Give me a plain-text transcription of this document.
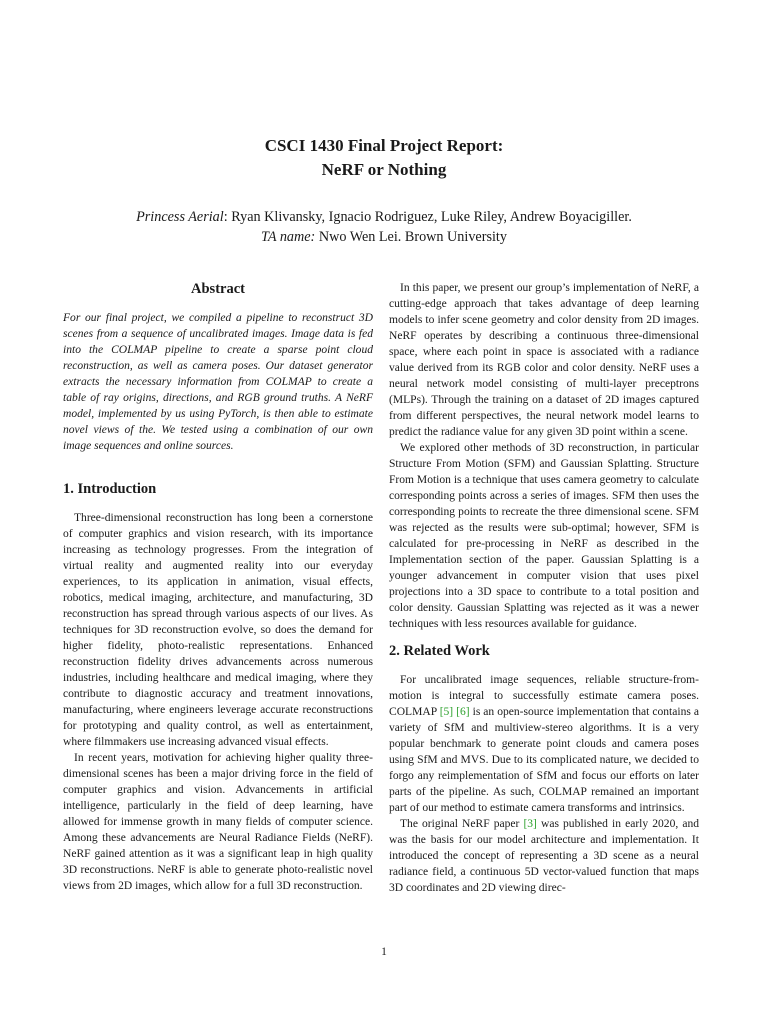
CSCI 1430 Final Project Report:
NeRF or Nothing
Princess Aerial: Ryan Klivansky, Ignacio Rodriguez, Luke Riley, Andrew Boyacigiller.
TA name: Nwo Wen Lei. Brown University
Abstract

For our final project, we compiled a pipeline to reconstruct 3D scenes from a sequence of uncalibrated images. Image data is fed into the COLMAP pipeline to create a sparse point cloud reconstruction, as well as camera poses. Our dataset generator extracts the necessary information from COLMAP to create a table of ray origins, directions, and RGB ground truths. A NeRF model, implemented by us using PyTorch, is then able to estimate novel views of the. We tested using a combination of our own image sequences and online sources.

1. Introduction

Three-dimensional reconstruction has long been a cornerstone of computer graphics and vision research, with its importance increasing as technology progresses. From the integration of virtual reality and augmented reality into our everyday experiences, to its application in animation, visual effects, robotics, medical imaging, architecture, and manufacturing, 3D reconstruction has spread through various aspects of our lives. As techniques for 3D reconstruction evolve, so does the demand for higher fidelity, photo-realistic representations. Enhanced reconstruction fidelity drives advancements across numerous industries, including healthcare and medical imaging, where they contribute to diagnostic accuracy and treatment innovations, manufacturing, where engineers leverage accurate reconstructions for prototyping and quality control, as well as entertainment, where filmmakers use increasing advanced visual effects.

In recent years, motivation for achieving higher quality three-dimensional scenes has been a major driving force in the field of computer graphics and vision. Advancements in artificial intelligence, particularly in the field of deep learning, have allowed for immense growth in many fields of computer science. Among these advancements are Neural Radiance Fields (NeRF). NeRF gained attention as it was a significant leap in high quality 3D reconstructions. NeRF is able to generate photo-realistic novel views from 2D images, which allow for a full 3D reconstruction.

In this paper, we present our group’s implementation of NeRF, a cutting-edge approach that takes advantage of deep learning models to infer scene geometry and color density from 2D images. NeRF operates by describing a continuous three-dimensional space, where each point in space is associated with a radiance value derived from its RGB color and color density. NeRF uses a neural network model consisting of multi-layer preceptrons (MLPs). Through the training on a dataset of 2D images captured from different perspectives, the neural network model learns to predict the radiance value for any given 3D point within a scene.

We explored other methods of 3D reconstruction, in particular Structure From Motion (SFM) and Gaussian Splatting. Structure From Motion is a technique that uses camera geometry to calculate corresponding points across a series of images. SFM then uses the corresponding points to recreate the three dimensional scene. SFM was rejected as the results were sub-optimal; however, SFM is calculated for pre-processing in NeRF as described in the Implementation section of the paper. Gaussian Splatting is a younger advancement in computer vision that uses pixel projections into a 3D space to contribute to a total position and color density. Gaussian Splatting was rejected as it was a newer techniques with less resources available for guidance.

2. Related Work

For uncalibrated image sequences, reliable structure-from-motion is integral to successfully estimate camera poses. COLMAP [5] [6] is an open-source implementation that contains a variety of SfM and multiview-stereo algorithms. It is a very popular benchmark to generate point clouds and camera poses using SfM and MVS. Due to its complicated nature, we decided to forgo any reimplementation of SfM and focus our efforts on later parts of the pipeline. As such, COLMAP remained an important part of our method to estimate camera transforms and intrinsics.

The original NeRF paper [3] was published in early 2020, and was the basis for our model architecture and implementation. It introduced the concept of representing a 3D scene as a neural radiance field, a continuous 5D vector-valued function that maps 3D coordinates and 2D viewing direc-

1
